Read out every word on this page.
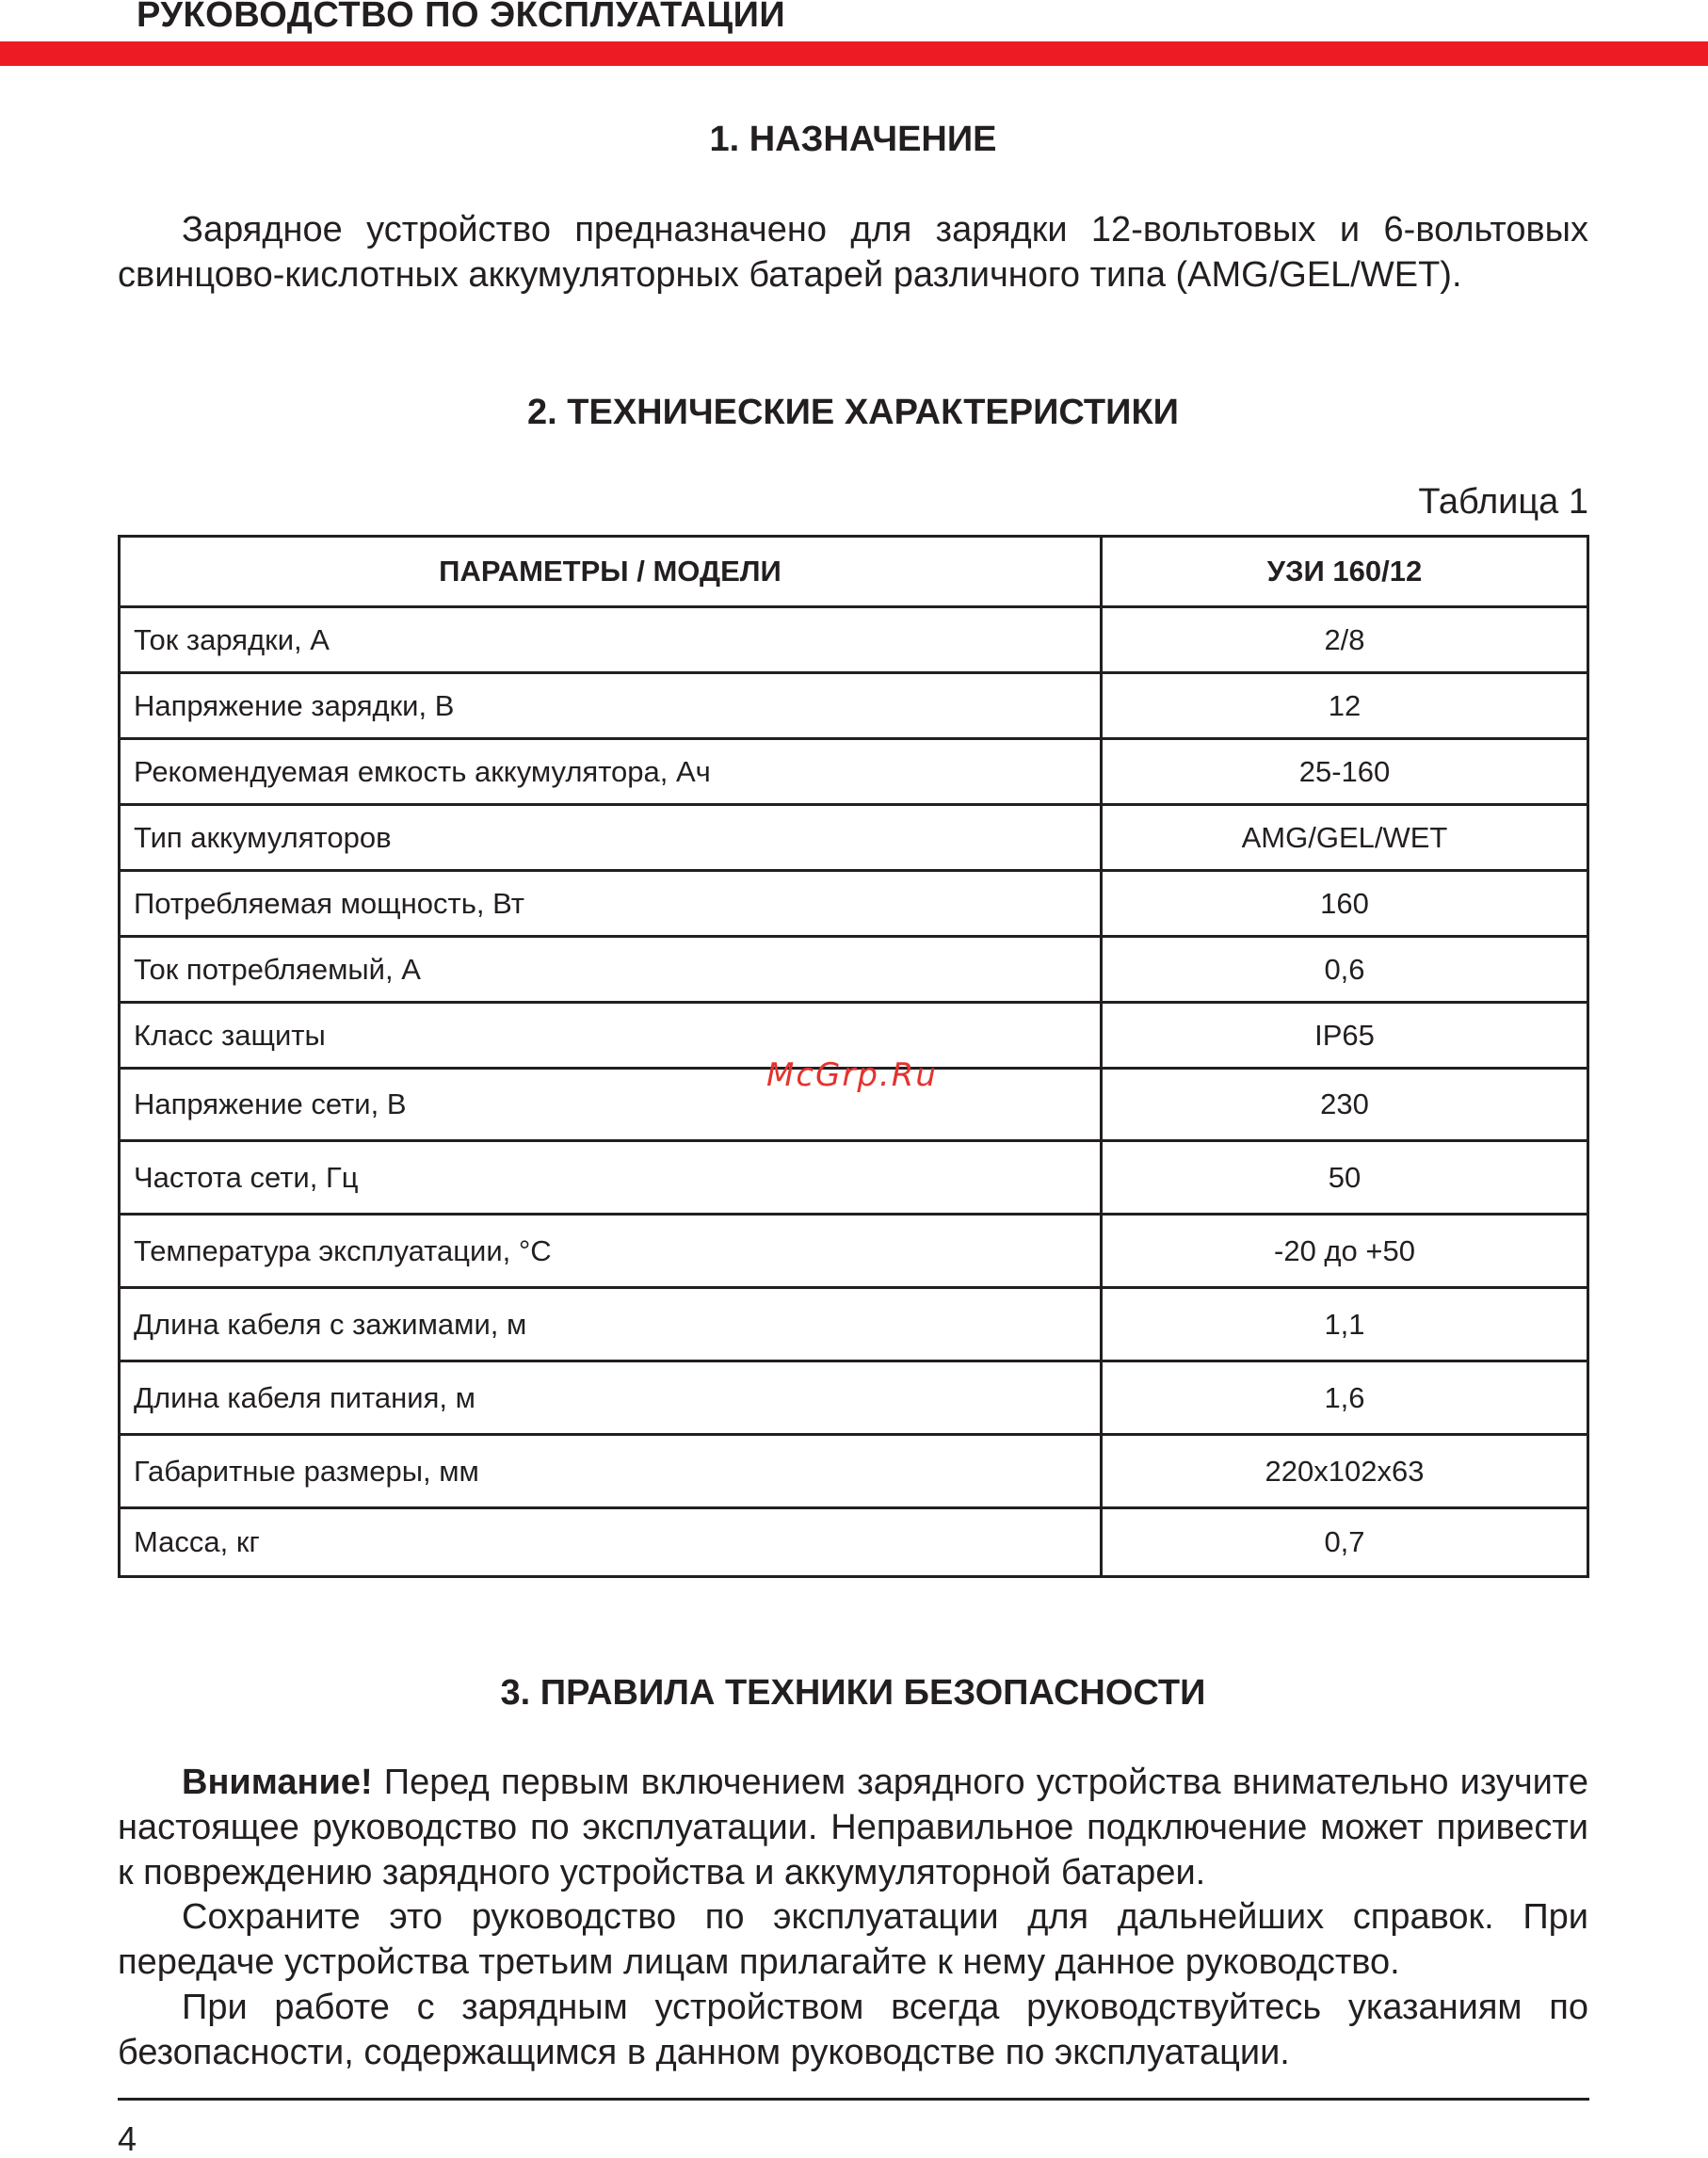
РУКОВОДСТВО ПО ЭКСПЛУАТАЦИИ
1. НАЗНАЧЕНИЕ

Зарядное устройство предназначено для зарядки 12-вольтовых и 6-вольтовых свинцово-кислотных аккумуляторных батарей различного типа (AMG/GEL/WET).

2. ТЕХНИЧЕСКИЕ ХАРАКТЕРИСТИКИ
Таблица 1
ПАРАМЕТРЫ / МОДЕЛИ	УЗИ 160/12
Ток зарядки, А	2/8
Напряжение зарядки, В	12
Рекомендуемая емкость аккумулятора, Ач	25-160
Тип аккумуляторов	AMG/GEL/WET
Потребляемая мощность, Вт	160
Ток потребляемый, А	0,6
Класс защиты	IP65
Напряжение сети, В	230
Частота сети, Гц	50
Температура эксплуатации, °С	-20 до +50
Длина кабеля с зажимами, м	1,1
Длина кабеля питания, м	1,6
Габаритные размеры, мм	220x102x63
Масса, кг	0,7
McGrp.Ru
3. ПРАВИЛА ТЕХНИКИ БЕЗОПАСНОСТИ

Внимание! Перед первым включением зарядного устройства внимательно изучите настоящее руководство по эксплуатации. Неправильное подключение может привести к повреждению зарядного устройства и аккумуляторной батареи.

Сохраните это руководство по эксплуатации для дальнейших справок. При передаче устройства третьим лицам прилагайте к нему данное руководство.

При работе с зарядным устройством всегда руководствуйтесь указаниям по безопасности, содержащимся в данном руководстве по эксплуатации.

4
